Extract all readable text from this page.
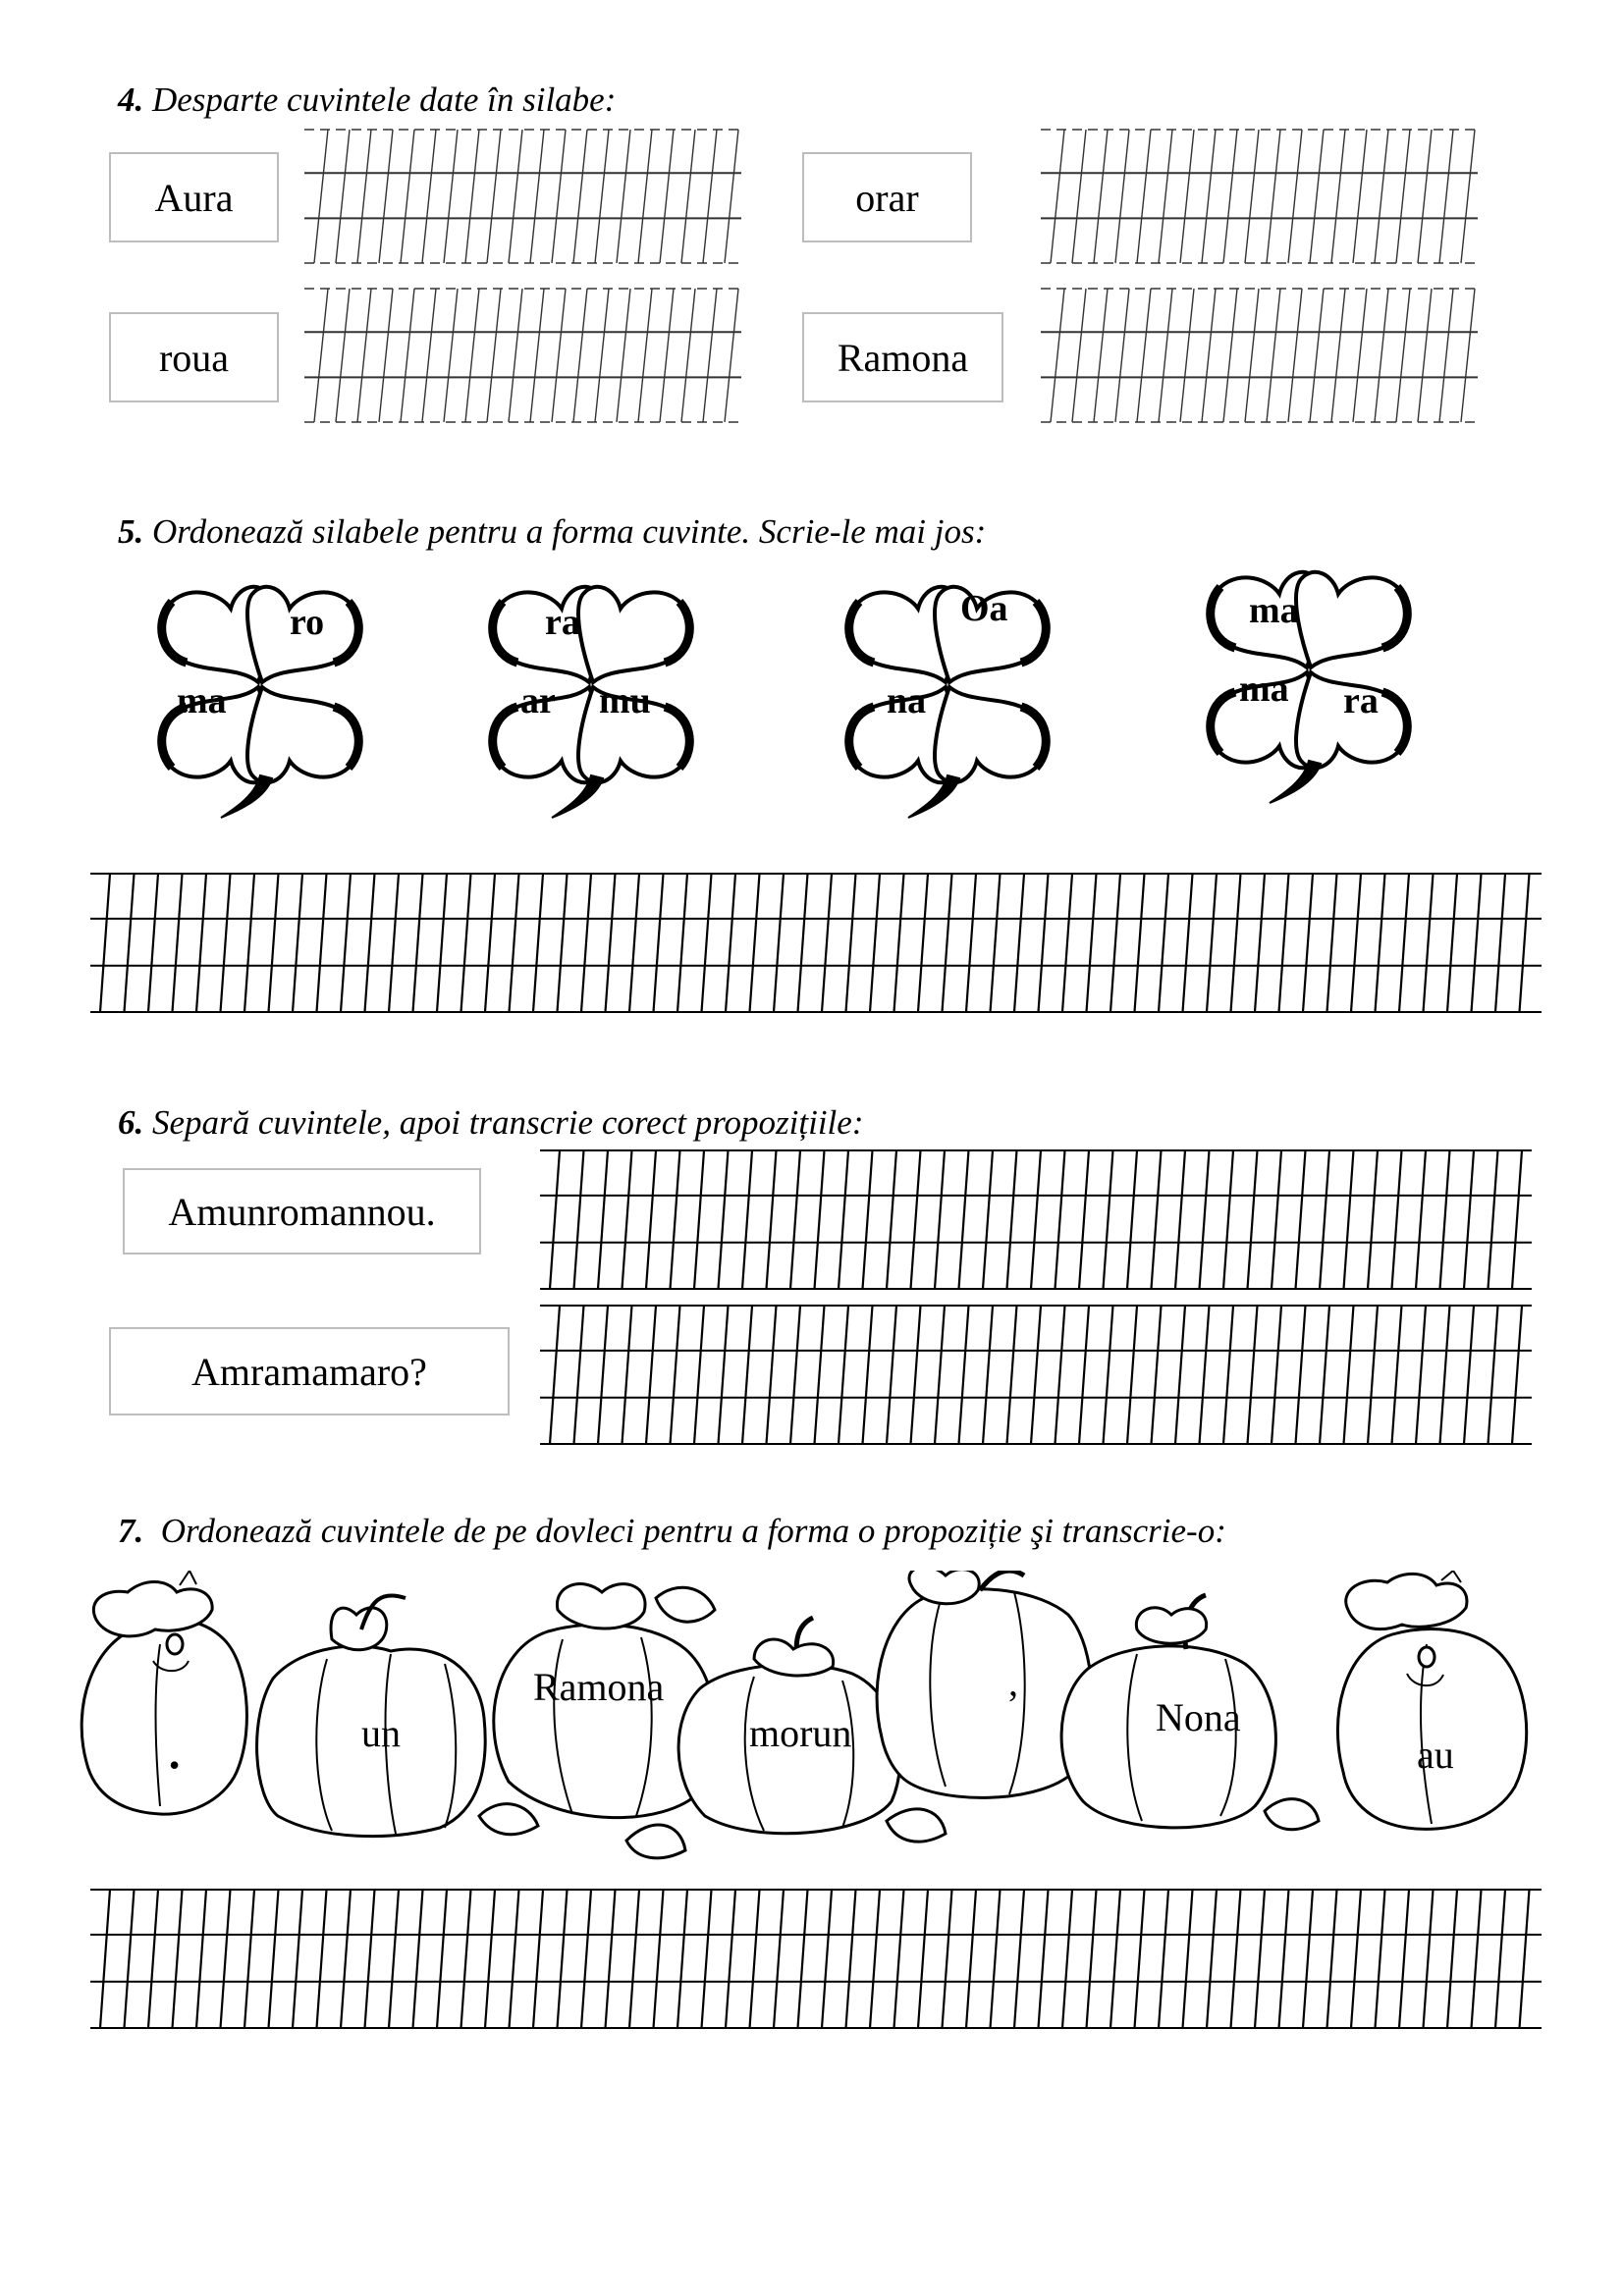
4. Desparte cuvintele date în silabe:
Aura	orar
roua	Ramona
5. Ordonează silabele pentru a forma cuvinte. Scrie-le mai jos:
ro
ma
ra
ar mu
Oa
na
ma
ma ra
6. Separă cuvintele, apoi transcrie corect propozițiile:
Amunromannou.
Amramamaro?
7. Ordonează cuvintele de pe dovleci pentru a forma o propoziție şi transcrie-o:
•
un
Ramona
morun
,
Nona
au
